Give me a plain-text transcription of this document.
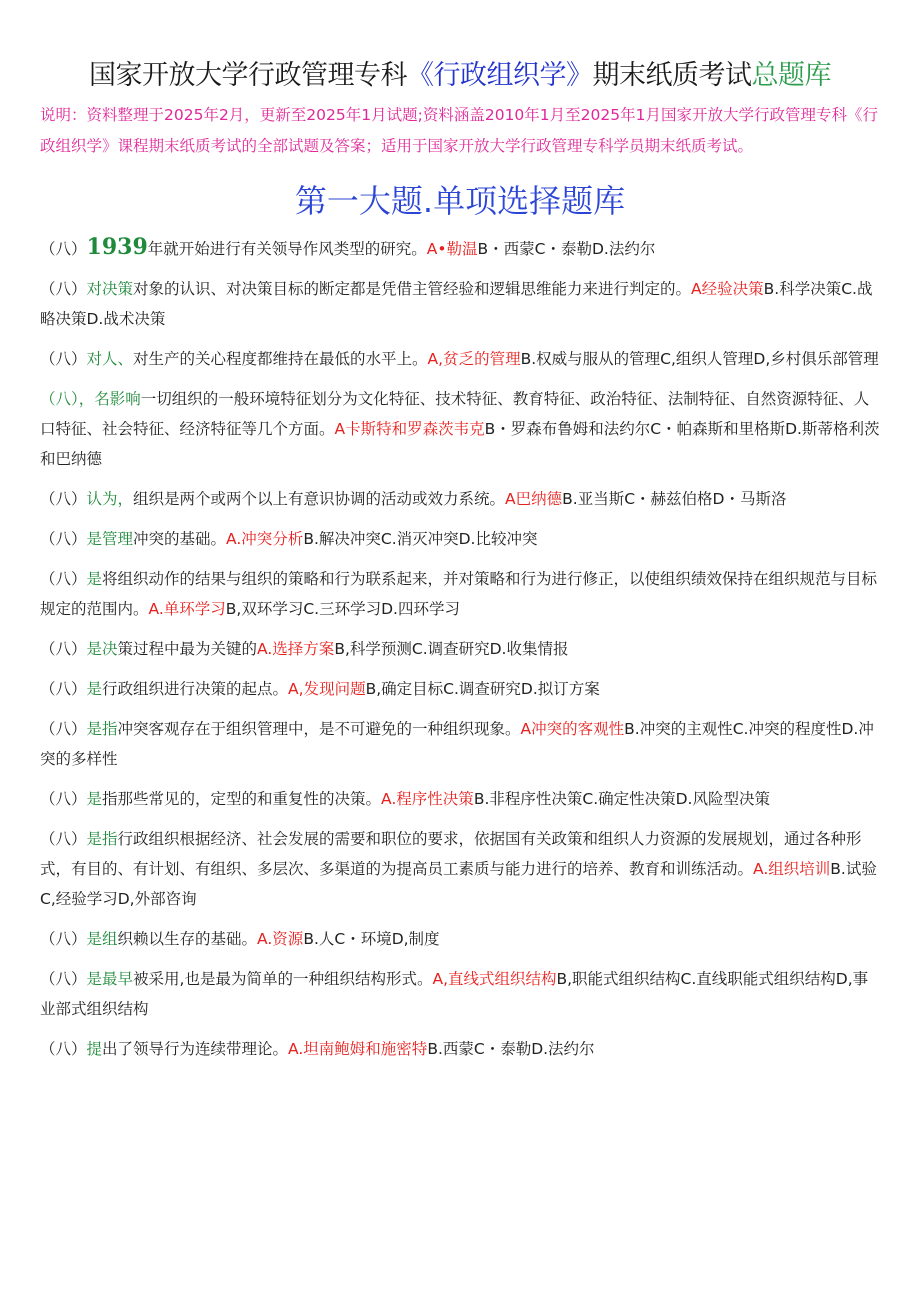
国家开放大学行政管理专科《行政组织学》期末纸质考试总题库

说明：资料整理于2025年2月，更新至2025年1月试题;资料涵盖2010年1月至2025年1月国家开放大学行政管理专科《行政组织学》课程期末纸质考试的全部试题及答案；适用于国家开放大学行政管理专科学员期末纸质考试。

第一大题.单项选择题库

（八）1939年就开始进行有关领导作风类型的研究。A•勒温B・西蒙C・泰勒D.法约尔

（八）对决策对象的认识、对决策目标的断定都是凭借主管经验和逻辑思维能力来进行判定的。A经验决策B.科学决策C.战略决策D.战术决策

（八）对人、对生产的关心程度都维持在最低的水平上。A,贫乏的管理B.权威与服从的管理C,组织人管理D,乡村俱乐部管理

（八），名影响一切组织的一般环境特征划分为文化特征、技术特征、教育特征、政治特征、法制特征、自然资源特征、人口特征、社会特征、经济特征等几个方面。A卡斯特和罗森茨韦克B・罗森布鲁姆和法约尔C・帕森斯和里格斯D.斯蒂格利茨和巴纳德

（八）认为，组织是两个或两个以上有意识协调的活动或效力系统。A巴纳德B.亚当斯C・赫兹伯格D・马斯洛

（八）是管理冲突的基础。A.冲突分析B.解决冲突C.消灭冲突D.比较冲突

（八）是将组织动作的结果与组织的策略和行为联系起来，并对策略和行为进行修正，以使组织绩效保持在组织规范与目标规定的范围内。A.单环学习B,双环学习C.三环学习D.四环学习

（八）是决策过程中最为关键的A.选择方案B,科学预测C.调查研究D.收集情报

（八）是行政组织进行决策的起点。A,发现问题B,确定目标C.调查研究D.拟订方案

（八）是指冲突客观存在于组织管理中，是不可避免的一种组织现象。A冲突的客观性B.冲突的主观性C.冲突的程度性D.冲突的多样性

（八）是指那些常见的，定型的和重复性的决策。A.程序性决策B.非程序性决策C.确定性决策D.风险型决策

（八）是指行政组织根据经济、社会发展的需要和职位的要求，依据国有关政策和组织人力资源的发展规划，通过各种形式，有目的、有计划、有组织、多层次、多渠道的为提高员工素质与能力进行的培养、教育和训练活动。A.组织培训B.试验C,经验学习D,外部咨询

（八）是组织赖以生存的基础。A.资源B.人C・环境D,制度

（八）是最早被采用,也是最为简单的一种组织结构形式。A,直线式组织结构B,职能式组织结构C.直线职能式组织结构D,事业部式组织结构

（八）提出了领导行为连续带理论。A.坦南鲍姆和施密特B.西蒙C・泰勒D.法约尔
